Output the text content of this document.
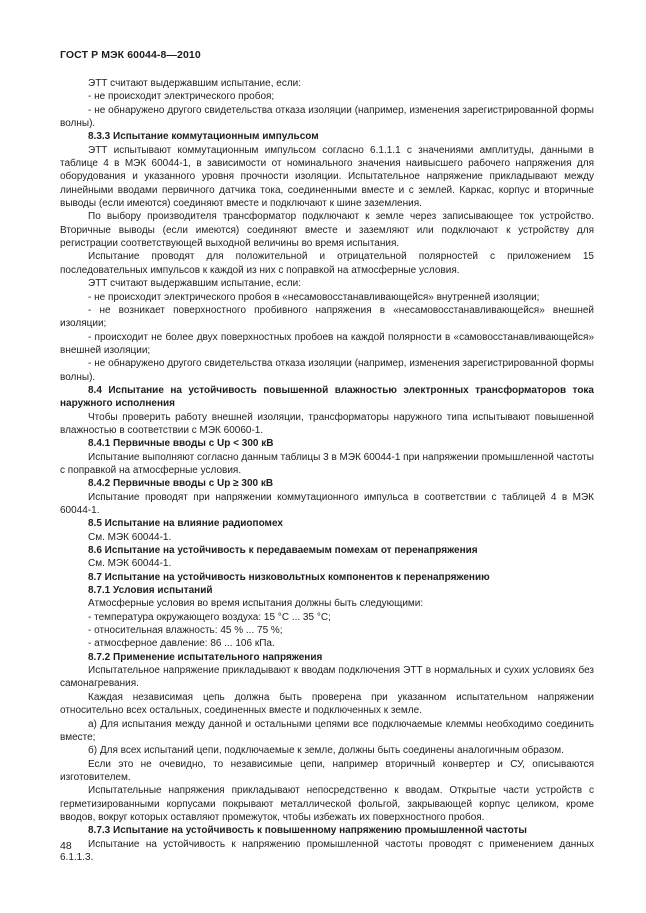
ГОСТ Р МЭК 60044-8—2010

ЭТТ считают выдержавшим испытание, если:

- не происходит электрического пробоя;

- не обнаружено другого свидетельства отказа изоляции (например, изменения зарегистрированной формы волны).

8.3.3 Испытание коммутационным импульсом

ЭТТ испытывают коммутационным импульсом согласно 6.1.1.1 с значениями амплитуды, данными в таблице 4 в МЭК 60044-1, в зависимости от номинального значения наивысшего рабочего напряжения для оборудования и указанного уровня прочности изоляции. Испытательное напряжение прикладывают между линейными вводами первичного датчика тока, соединенными вместе и с землей. Каркас, корпус и вторичные выводы (если имеются) соединяют вместе и подключают к шине заземления.

По выбору производителя трансформатор подключают к земле через записывающее ток устройство. Вторичные выводы (если имеются) соединяют вместе и заземляют или подключают к устройству для регистрации соответствующей выходной величины во время испытания.

Испытание проводят для положительной и отрицательной полярностей с приложением 15 последовательных импульсов к каждой из них с поправкой на атмосферные условия.

ЭТТ считают выдержавшим испытание, если:

- не происходит электрического пробоя в «несамовосстанавливающейся» внутренней изоляции;

- не возникает поверхностного пробивного напряжения в «несамовосстанавливающейся» внешней изоляции;

- происходит не более двух поверхностных пробоев на каждой полярности в «самовосстанавливающейся» внешней изоляции;

- не обнаружено другого свидетельства отказа изоляции (например, изменения зарегистрированной формы волны).

8.4 Испытание на устойчивость повышенной влажностью электронных трансформаторов тока наружного исполнения

Чтобы проверить работу внешней изоляции, трансформаторы наружного типа испытывают повышенной влажностью в соответствии с МЭК 60060-1.

8.4.1 Первичные вводы с Uр < 300 кВ

Испытание выполняют согласно данным таблицы 3 в МЭК 60044-1 при напряжении промышленной частоты с поправкой на атмосферные условия.

8.4.2 Первичные вводы с Uр ≥ 300 кВ

Испытание проводят при напряжении коммутационного импульса в соответствии с таблицей 4 в МЭК 60044-1.

8.5 Испытание на влияние радиопомех

См. МЭК 60044-1.

8.6 Испытание на устойчивость к передаваемым помехам от перенапряжения

См. МЭК 60044-1.

8.7 Испытание на устойчивость низковольтных компонентов к перенапряжению

8.7.1 Условия испытаний

Атмосферные условия во время испытания должны быть следующими:

- температура окружающего воздуха: 15 °С ... 35 °С;

- относительная влажность: 45 % ... 75 %;

- атмосферное давление: 86 ... 106 кПа.

8.7.2 Применение испытательного напряжения

Испытательное напряжение прикладывают к вводам подключения ЭТТ в нормальных и сухих условиях без самонагревания.

Каждая независимая цепь должна быть проверена при указанном испытательном напряжении относительно всех остальных, соединенных вместе и подключенных к земле.

а) Для испытания между данной и остальными цепями все подключаемые клеммы необходимо соединить вместе;

б) Для всех испытаний цепи, подключаемые к земле, должны быть соединены аналогичным образом.

Если это не очевидно, то независимые цепи, например вторичный конвертер и СУ, описываются изготовителем.

Испытательные напряжения прикладывают непосредственно к вводам. Открытые части устройств с герметизированными корпусами покрывают металлической фольгой, закрывающей корпус целиком, кроме вводов, вокруг которых оставляют промежуток, чтобы избежать их поверхностного пробоя.

8.7.3 Испытание на устойчивость к повышенному напряжению промышленной частоты

Испытание на устойчивость к напряжению промышленной частоты проводят с применением данных 6.1.1.3.

48
